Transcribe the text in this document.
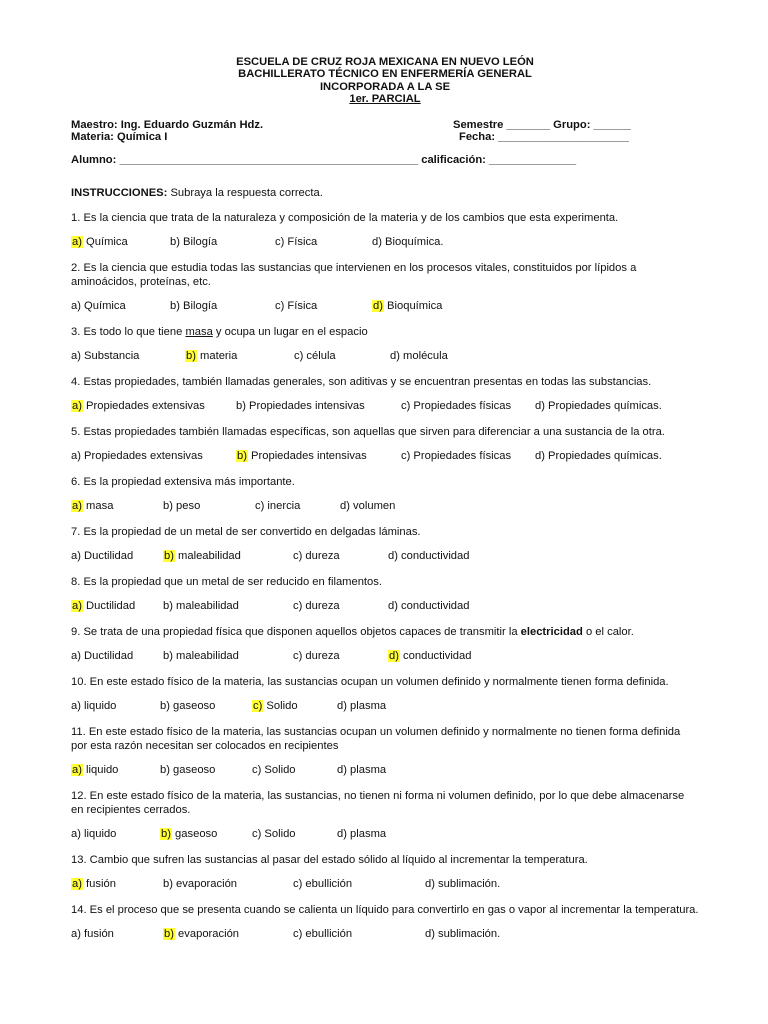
ESCUELA DE CRUZ ROJA MEXICANA EN NUEVO LEÓN
BACHILLERATO TÉCNICO EN ENFERMERÍA GENERAL
INCORPORADA A LA SE
1er. PARCIAL
Maestro: Ing. Eduardo Guzmán Hdz.
Materia: Química I
Semestre _______ Grupo: ______
Fecha: _____________________
Alumno: ________________________________________________ calificación: ______________
INSTRUCCIONES: Subraya la respuesta correcta.
1. Es la ciencia que trata de la naturaleza y composición de la materia y de los cambios que esta experimenta.
a) Química	b) Bilogía	c) Física	d) Bioquímica.
2. Es la ciencia que estudia todas las sustancias que intervienen en los procesos vitales, constituidos por lípidos a aminoácidos, proteínas, etc.
a) Química	b) Bilogía	c) Física	d) Bioquímica
3. Es todo lo que tiene masa y ocupa un lugar en el espacio
a) Substancia	b) materia	c) célula	d) molécula
4. Estas propiedades, también llamadas generales, son aditivas y se encuentran presentas en todas las substancias.
a) Propiedades extensivas	b) Propiedades intensivas	c) Propiedades físicas d) Propiedades químicas.
5. Estas propiedades también llamadas específicas, son aquellas que sirven para diferenciar a una sustancia de la otra.
a) Propiedades extensivas	b) Propiedades intensivas	c) Propiedades físicas d) Propiedades químicas.
6. Es la propiedad extensiva más importante.
a) masa	b) peso	c) inercia	d) volumen
7. Es la propiedad de un metal de ser convertido en delgadas láminas.
a) Ductilidad	b) maleabilidad	c) dureza	d) conductividad
8. Es la propiedad que un metal de ser reducido en filamentos.
a) Ductilidad b) maleabilidad	c) dureza	d) conductividad
9. Se trata de una propiedad física que disponen aquellos objetos capaces de transmitir la electricidad o el calor.
a) Ductilidad	b) maleabilidad	c) dureza	d) conductividad
10. En este estado físico de la materia, las sustancias ocupan un volumen definido y normalmente tienen forma definida.
a) liquido	b) gaseoso	c) Solido	d) plasma
11. En este estado físico de la materia, las sustancias ocupan un volumen definido y normalmente no tienen forma definida por esta razón necesitan ser colocados en recipientes
a) liquido	b) gaseoso	c) Solido	d) plasma
12. En este estado físico de la materia, las sustancias, no tienen ni forma ni volumen definido, por lo que debe almacenarse en recipientes cerrados.
a) liquido	b) gaseoso	c) Solido	d) plasma
13. Cambio que sufren las sustancias al pasar del estado sólido al líquido al incrementar la temperatura.
a) fusión	b) evaporación	c) ebullición	d) sublimación.
14. Es el proceso que se presenta cuando se calienta un líquido para convertirlo en gas o vapor al incrementar la temperatura.
a) fusión	b) evaporación	c) ebullición	d) sublimación.
